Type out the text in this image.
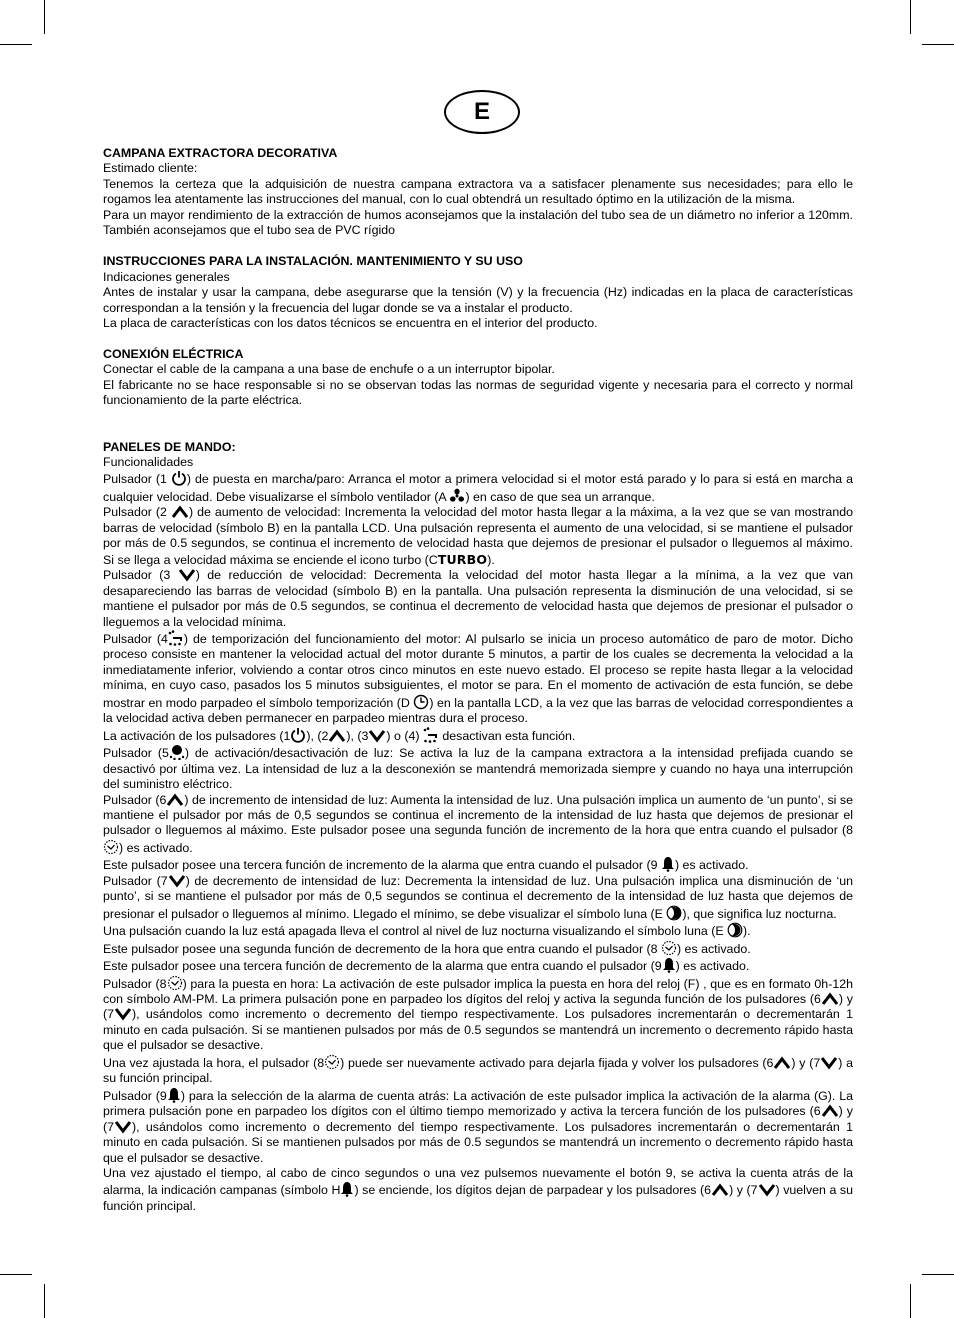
E

CAMPANA EXTRACTORA DECORATIVA

Estimado cliente:

Tenemos la certeza que la adquisición de nuestra campana extractora va a satisfacer plenamente sus necesidades; para ello le rogamos lea atentamente las instrucciones del manual, con lo cual obtendrá un resultado óptimo en la utilización de la misma.

Para un mayor rendimiento de la extracción de humos aconsejamos que la instalación del tubo sea de un diámetro no inferior a 120mm. También aconsejamos que el tubo sea de PVC rígido

INSTRUCCIONES PARA LA INSTALACIÓN. MANTENIMIENTO Y SU USO

Indicaciones generales

Antes de instalar y usar la campana, debe asegurarse que la tensión (V) y la frecuencia (Hz) indicadas en la placa de características correspondan a la tensión y la frecuencia del lugar donde se va a instalar el producto.

La placa de características con los datos técnicos se encuentra en el interior del producto.

CONEXIÓN ELÉCTRICA

Conectar el cable de la campana a una base de enchufe o a un interruptor bipolar.

El fabricante no se hace responsable si no se observan todas las normas de seguridad vigente y necesaria para el correcto y normal funcionamiento de la parte eléctrica.

PANELES DE MANDO:

Funcionalidades

Pulsador (1
) de puesta en marcha/paro: Arranca el motor a primera velocidad si el motor está parado y lo para si está en marcha a cualquier velocidad. Debe visualizarse el símbolo ventilador (A
) en caso de que sea un arranque.

Pulsador (2
) de aumento de velocidad: Incrementa la velocidad del motor hasta llegar a la máxima, a la vez que se van mostrando barras de velocidad (símbolo B) en la pantalla LCD. Una pulsación representa el aumento de una velocidad, si se mantiene el pulsador por más de 0.5 segundos, se continua el incremento de velocidad hasta que dejemos de presionar el pulsador o lleguemos al máximo. Si se llega a velocidad máxima se enciende el icono turbo (CTURBO).

Pulsador (3
) de reducción de velocidad: Decrementa la velocidad del motor hasta llegar a la mínima, a la vez que van desapareciendo las barras de velocidad (símbolo B) en la pantalla. Una pulsación representa la disminución de una velocidad, si se mantiene el pulsador por más de 0.5 segundos, se continua el decremento de velocidad hasta que dejemos de presionar el pulsador o lleguemos a la velocidad mínima.

Pulsador (4 ) de temporización del funcionamiento del motor: Al pulsarlo se inicia un proceso automático de paro de motor. Dicho proceso consiste en mantener la velocidad actual del motor durante 5 minutos, a partir de los cuales se decrementa la velocidad a la inmediatamente inferior, volviendo a contar otros cinco minutos en este nuevo estado. El proceso se repite hasta llegar a la velocidad mínima, en cuyo caso, pasados los 5 minutos subsiguientes, el motor se para. En el momento de activación de esta función, se debe mostrar en modo parpadeo el símbolo temporización (D
) en la pantalla LCD, a la vez que las barras de velocidad correspondientes a la velocidad activa deben permanecer en parpadeo mientras dura el proceso.

La activación de los pulsadores (1 ), (2 ), (3 ) o (4)
desactivan esta función.

Pulsador (5 ) de activación/desactivación de luz: Se activa la luz de la campana extractora a la intensidad prefijada cuando se desactivó por última vez. La intensidad de luz a la desconexión se mantendrá memorizada siempre y cuando no haya una interrupción del suministro eléctrico.

Pulsador (6 ) de incremento de intensidad de luz: Aumenta la intensidad de luz. Una pulsación implica un aumento de ‘un punto’, si se mantiene el pulsador por más de 0,5 segundos se continua el incremento de la intensidad de luz hasta que dejemos de presionar el pulsador o lleguemos al máximo. Este pulsador posee una segunda función de incremento de la hora que entra cuando el pulsador (8
) es activado.

Este pulsador posee una tercera función de incremento de la alarma que entra cuando el pulsador (9
) es activado.

Pulsador (7 ) de decremento de intensidad de luz: Decrementa la intensidad de luz. Una pulsación implica una disminución de ‘un punto’, si se mantiene el pulsador por más de 0,5 segundos se continua el decremento de la intensidad de luz hasta que dejemos de presionar el pulsador o lleguemos al mínimo. Llegado el mínimo, se debe visualizar el símbolo luna (E
), que significa luz nocturna.

Una pulsación cuando la luz está apagada lleva el control al nivel de luz nocturna visualizando el símbolo luna (E
).

Este pulsador posee una segunda función de decremento de la hora que entra cuando el pulsador (8
) es activado.

Este pulsador posee una tercera función de decremento de la alarma que entra cuando el pulsador (9 ) es activado.

Pulsador (8 ) para la puesta en hora: La activación de este pulsador implica la puesta en hora del reloj (F) , que es en formato 0h-12h con símbolo AM-PM. La primera pulsación pone en parpadeo los dígitos del reloj y activa la segunda función de los pulsadores (6 ) y (7 ), usándolos como incremento o decremento del tiempo respectivamente. Los pulsadores incrementarán o decrementarán 1 minuto en cada pulsación. Si se mantienen pulsados por más de 0.5 segundos se mantendrá un incremento o decremento rápido hasta que el pulsador se desactive.

Una vez ajustada la hora, el pulsador (8 ) puede ser nuevamente activado para dejarla fijada y volver los pulsadores (6 ) y (7 ) a su función principal.

Pulsador (9 ) para la selección de la alarma de cuenta atrás: La activación de este pulsador implica la activación de la alarma (G). La primera pulsación pone en parpadeo los dígitos con el último tiempo memorizado y activa la tercera función de los pulsadores (6 ) y (7 ), usándolos como incremento o decremento del tiempo respectivamente. Los pulsadores incrementarán o decrementarán 1 minuto en cada pulsación. Si se mantienen pulsados por más de 0.5 segundos se mantendrá un incremento o decremento rápido hasta que el pulsador se desactive.

Una vez ajustado el tiempo, al cabo de cinco segundos o una vez pulsemos nuevamente el botón 9, se activa la cuenta atrás de la alarma, la indicación campanas (símbolo H ) se enciende, los dígitos dejan de parpadear y los pulsadores (6 ) y (7 ) vuelven a su función principal.
